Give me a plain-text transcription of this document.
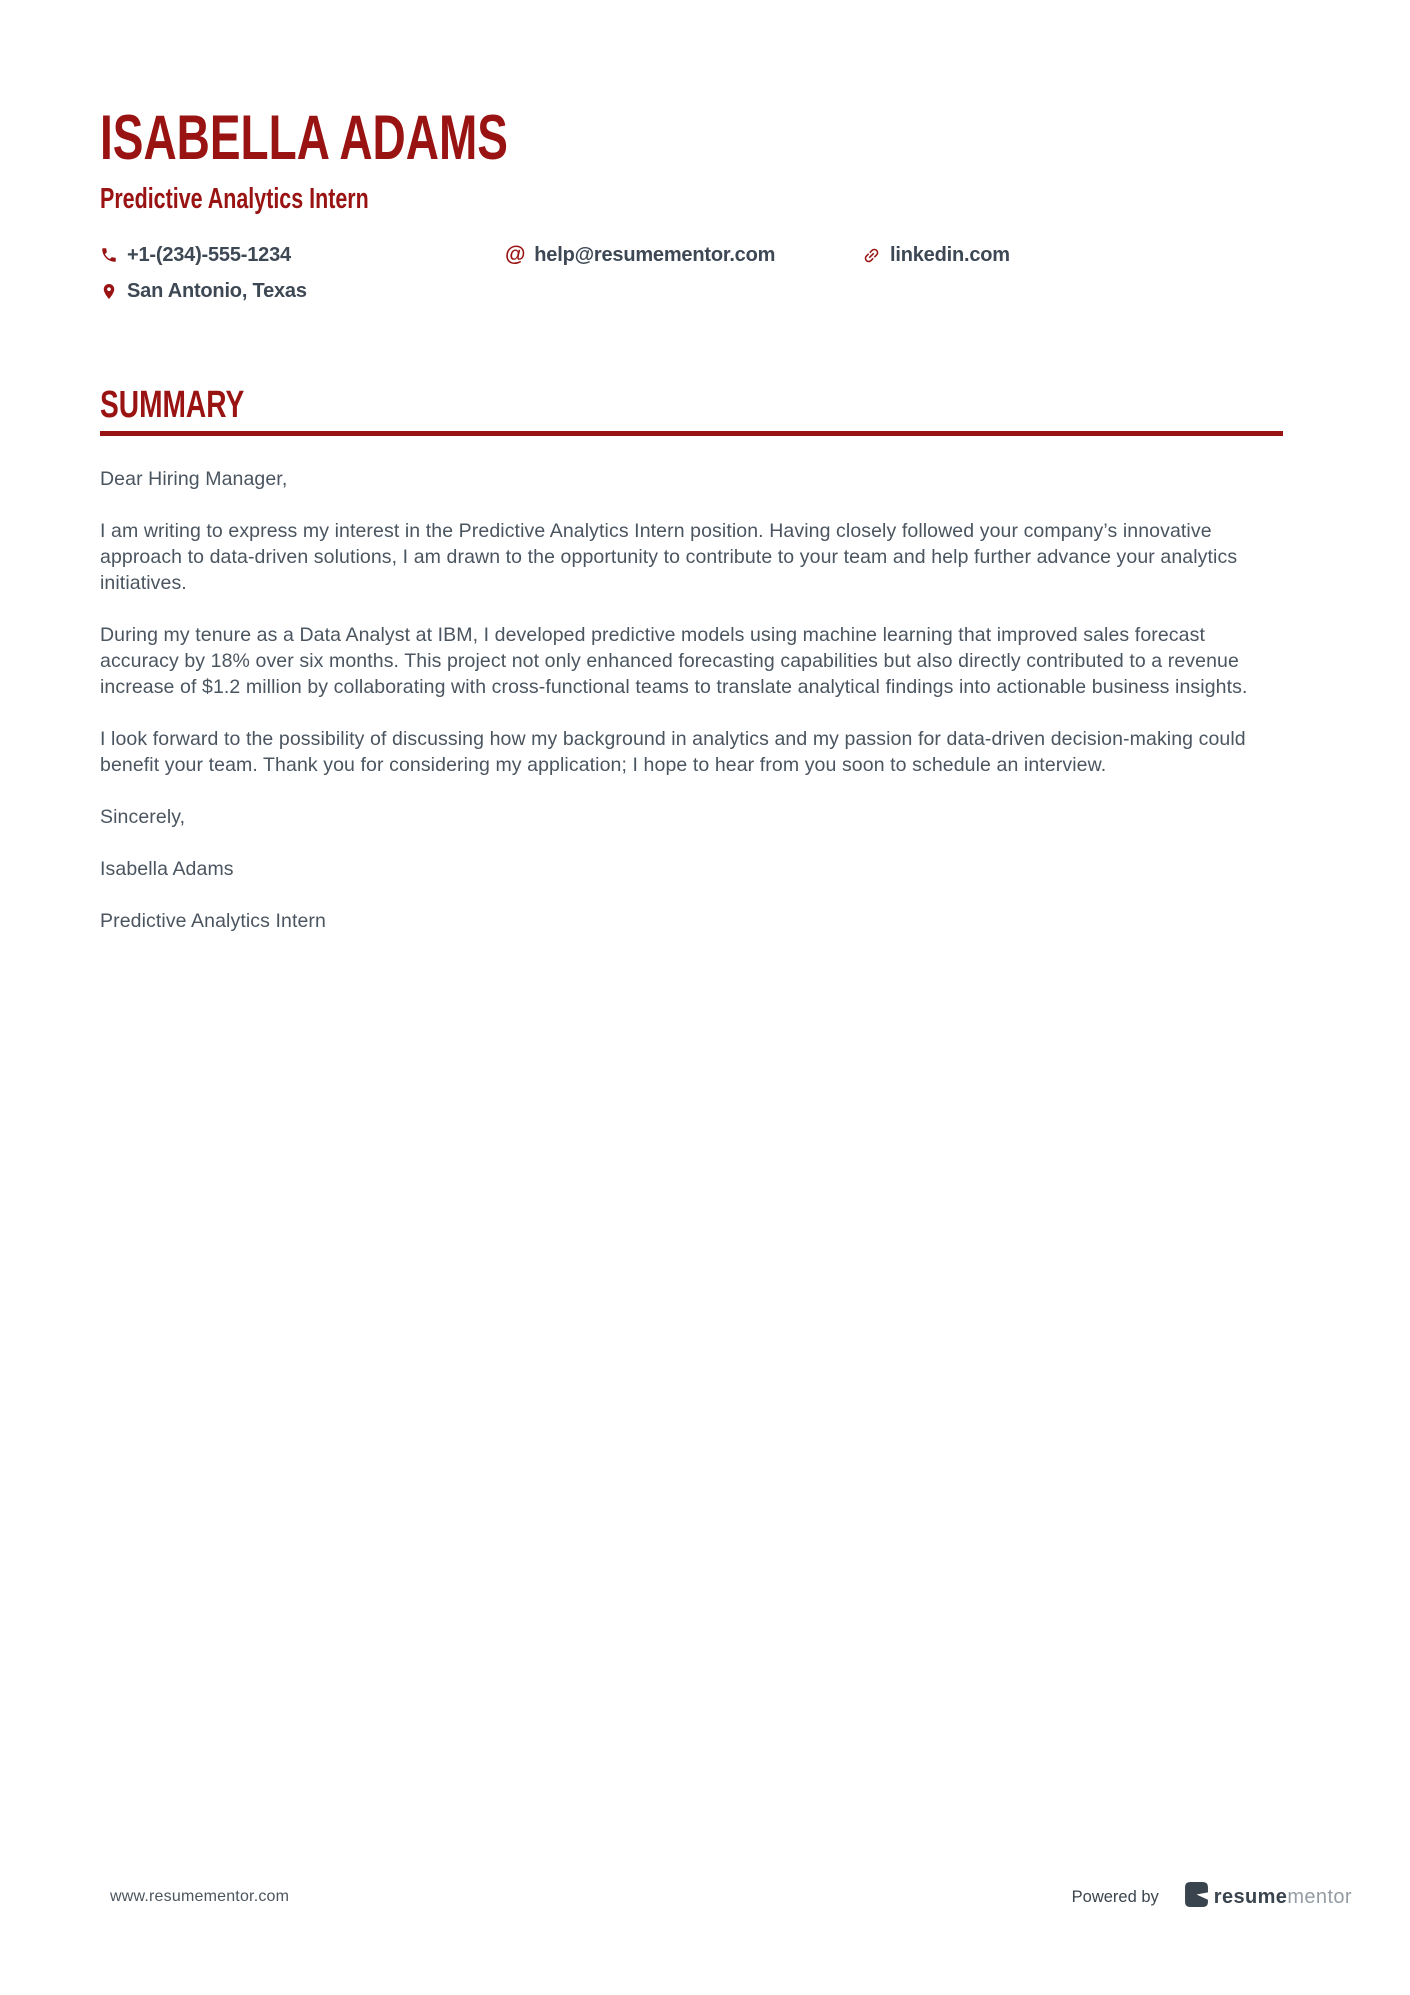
ISABELLA ADAMS
Predictive Analytics Intern
+1-(234)-555-1234	@ help@resumementor.com	linkedin.com
San Antonio, Texas
SUMMARY

Dear Hiring Manager,

I am writing to express my interest in the Predictive Analytics Intern position. Having closely followed your company’s innovative approach to data-driven solutions, I am drawn to the opportunity to contribute to your team and help further advance your analytics initiatives.

During my tenure as a Data Analyst at IBM, I developed predictive models using machine learning that improved sales forecast accuracy by 18% over six months. This project not only enhanced forecasting capabilities but also directly contributed to a revenue increase of $1.2 million by collaborating with cross-functional teams to translate analytical findings into actionable business insights.

I look forward to the possibility of discussing how my background in analytics and my passion for data-driven decision-making could benefit your team. Thank you for considering my application; I hope to hear from you soon to schedule an interview.

Sincerely,

Isabella Adams

Predictive Analytics Intern

www.resumementor.com	Powered by	resumementor
